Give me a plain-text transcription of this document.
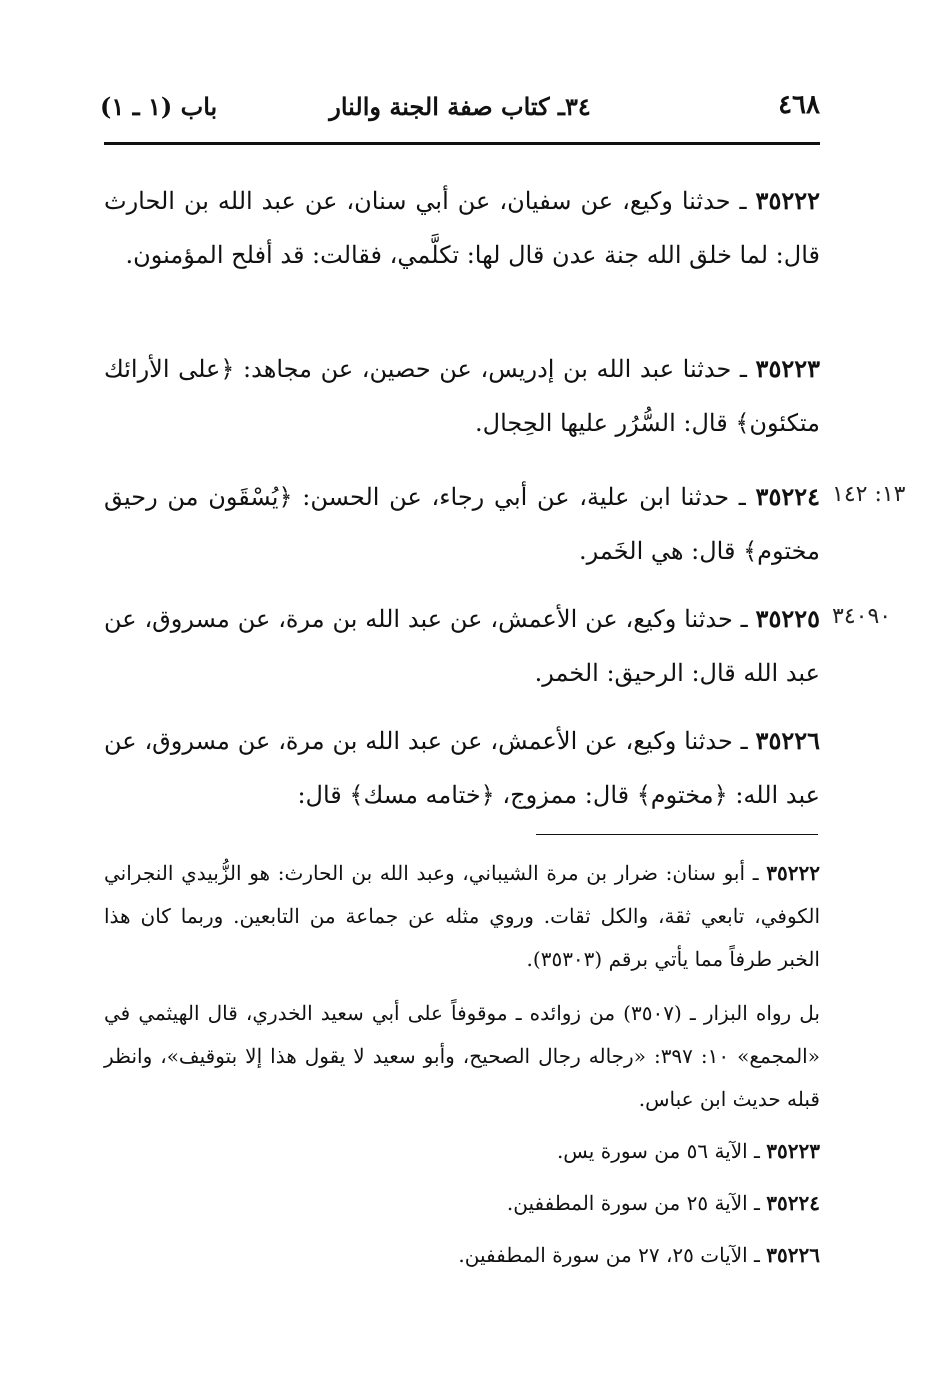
٤٦٨
٣٤ـ كتاب صفة الجنة والنار
باب (١ ـ ١)
٣٥٢٢٢ ـ حدثنا وكيع، عن سفيان، عن أبي سنان، عن عبد الله بن الحارث قال: لما خلق الله جنة عدن قال لها: تكلَّمي، فقالت: قد أفلح المؤمنون.
٣٥٢٢٣ ـ حدثنا عبد الله بن إدريس، عن حصين، عن مجاهد: ﴿على الأرائك متكئون﴾ قال: السُّرُر عليها الحِجال.
٣٥٢٢٤ ـ حدثنا ابن علية، عن أبي رجاء، عن الحسن: ﴿يُسْقَون من رحيق مختوم﴾ قال: هي الخَمر.
١٣: ١٤٢
٣٥٢٢٥ ـ حدثنا وكيع، عن الأعمش، عن عبد الله بن مرة، عن مسروق، عن عبد الله قال: الرحيق: الخمر.
٣٤٠٩٠
٣٥٢٢٦ ـ حدثنا وكيع، عن الأعمش، عن عبد الله بن مرة، عن مسروق، عن عبد الله: ﴿مختوم﴾ قال: ممزوج، ﴿ختامه مسك﴾ قال:
٣٥٢٢٢ ـ أبو سنان: ضرار بن مرة الشيباني، وعبد الله بن الحارث: هو الزُّبيدي النجراني الكوفي، تابعي ثقة، والكل ثقات. وروي مثله عن جماعة من التابعين. وربما كان هذا الخبر طرفاً مما يأتي برقم (٣٥٣٠٣).
بل رواه البزار ـ (٣٥٠٧) من زوائده ـ موقوفاً على أبي سعيد الخدري، قال الهيثمي في «المجمع» ١٠: ٣٩٧: «رجاله رجال الصحيح، وأبو سعيد لا يقول هذا إلا بتوقيف»، وانظر قبله حديث ابن عباس.
٣٥٢٢٣ ـ الآية ٥٦ من سورة يس.
٣٥٢٢٤ ـ الآية ٢٥ من سورة المطففين.
٣٥٢٢٦ ـ الآيات ٢٥، ٢٧ من سورة المطففين.
